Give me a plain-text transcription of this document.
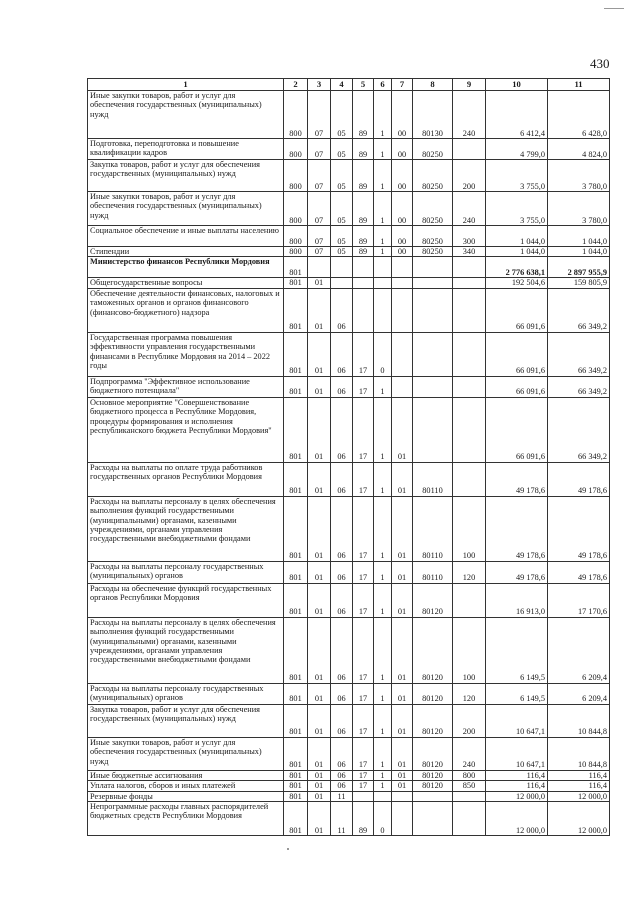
430
1	2	3	4	5	6	7	8	9	10	11
Иные закупки товаров, работ и услуг для обеспечения государственных (муниципальных) нужд	800	07	05	89	1	00	80130	240	6 412,4	6 428,0
Подготовка, переподготовка и повышение квалификации кадров	800	07	05	89	1	00	80250		4 799,0	4 824,0
Закупка товаров, работ и услуг для обеспечения государственных (муниципальных) нужд	800	07	05	89	1	00	80250	200	3 755,0	3 780,0
Иные закупки товаров, работ и услуг для обеспечения государственных (муниципальных) нужд	800	07	05	89	1	00	80250	240	3 755,0	3 780,0
Социальное обеспечение и иные выплаты населению	800	07	05	89	1	00	80250	300	1 044,0	1 044,0
Стипендии	800	07	05	89	1	00	80250	340	1 044,0	1 044,0
Министерство финансов Республики Мордовия	801								2 776 638,1	2 897 955,9
Общегосударственные вопросы	801	01							192 504,6	159 805,9
Обеспечение деятельности финансовых, налоговых и таможенных органов и органов финансового (финансово-бюджетного) надзора	801	01	06						66 091,6	66 349,2
Государственная программа повышения эффективности управления государственными финансами в Республике Мордовия на 2014 – 2022 годы	801	01	06	17	0				66 091,6	66 349,2
Подпрограмма "Эффективное использование бюджетного потенциала"	801	01	06	17	1				66 091,6	66 349,2
Основное мероприятие "Совершенствование бюджетного процесса в Республике Мордовия, процедуры формирования и исполнения республиканского бюджета Республики Мордовия"	801	01	06	17	1	01			66 091,6	66 349,2
Расходы на выплаты по оплате труда работников государственных органов Республики Мордовия	801	01	06	17	1	01	80110		49 178,6	49 178,6
Расходы на выплаты персоналу в целях обеспечения выполнения функций государственными (муниципальными) органами, казенными учреждениями, органами управления государственными внебюджетными фондами	801	01	06	17	1	01	80110	100	49 178,6	49 178,6
Расходы на выплаты персоналу государственных (муниципальных) органов	801	01	06	17	1	01	80110	120	49 178,6	49 178,6
Расходы на обеспечение функций государственных органов Республики Мордовия	801	01	06	17	1	01	80120		16 913,0	17 170,6
Расходы на выплаты персоналу в целях обеспечения выполнения функций государственными (муниципальными) органами, казенными учреждениями, органами управления государственными внебюджетными фондами	801	01	06	17	1	01	80120	100	6 149,5	6 209,4
Расходы на выплаты персоналу государственных (муниципальных) органов	801	01	06	17	1	01	80120	120	6 149,5	6 209,4
Закупка товаров, работ и услуг для обеспечения государственных (муниципальных) нужд	801	01	06	17	1	01	80120	200	10 647,1	10 844,8
Иные закупки товаров, работ и услуг для обеспечения государственных (муниципальных) нужд	801	01	06	17	1	01	80120	240	10 647,1	10 844,8
Иные бюджетные ассигнования	801	01	06	17	1	01	80120	800	116,4	116,4
Уплата налогов, сборов и иных платежей	801	01	06	17	1	01	80120	850	116,4	116,4
Резервные фонды	801	01	11						12 000,0	12 000,0
Непрограммные расходы главных распорядителей бюджетных средств Республики Мордовия	801	01	11	89	0				12 000,0	12 000,0
